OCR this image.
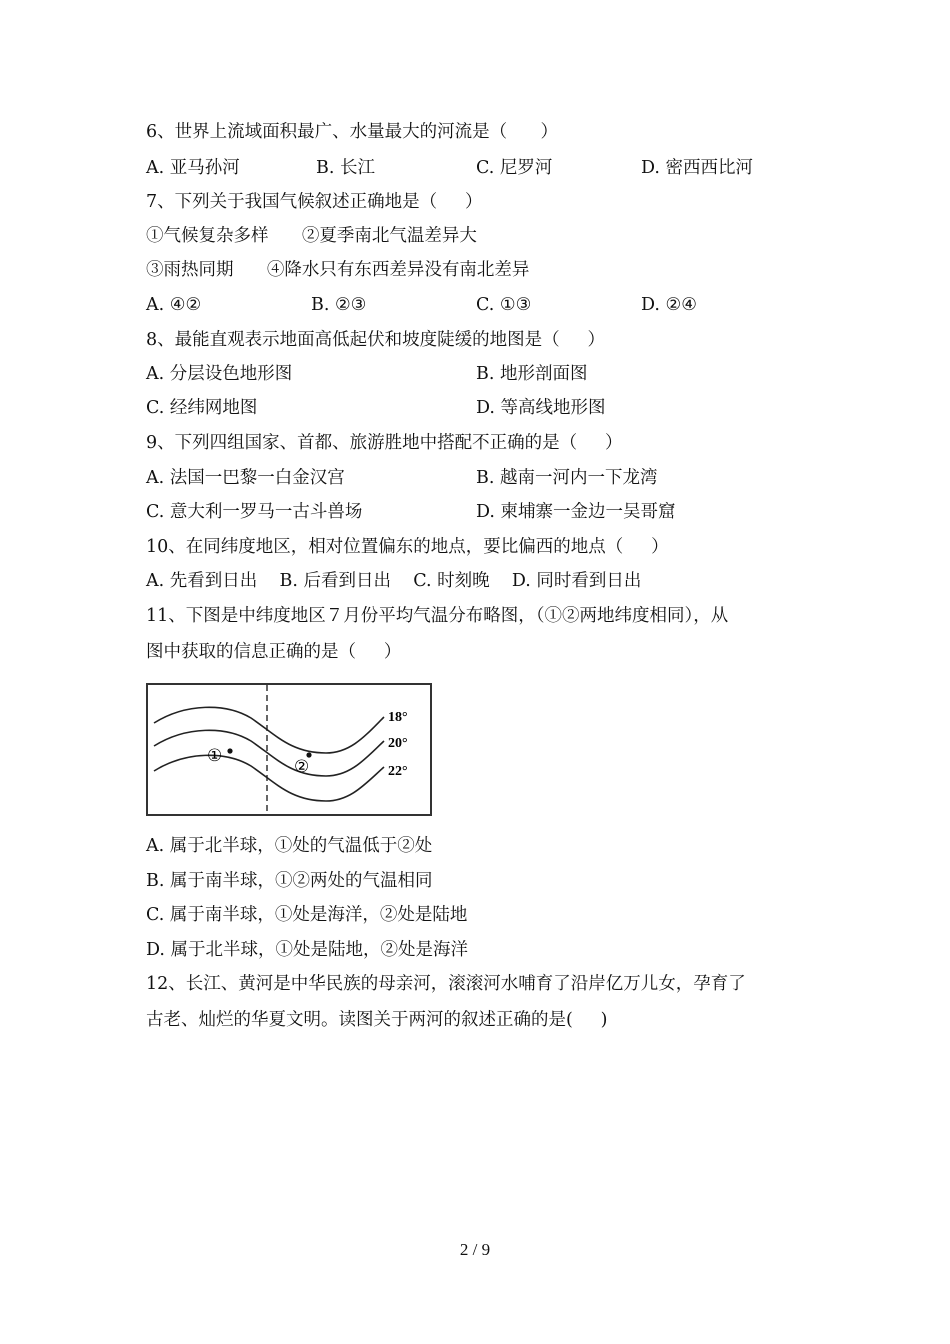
6、世界上流域面积最广、水量最大的河流是（      ）
A. 亚马孙河	B. 长江	C. 尼罗河	D. 密西西比河
7、下列关于我国气候叙述正确地是（     ）
①气候复杂多样      ②夏季南北气温差异大
③雨热同期      ④降水只有东西差异没有南北差异
A. ④②	B. ②③	C. ①③	D. ②④
8、最能直观表示地面高低起伏和坡度陡缓的地图是（     ）
A. 分层设色地形图	B. 地形剖面图
C. 经纬网地图	D. 等高线地形图
9、下列四组国家、首都、旅游胜地中搭配不正确的是（     ）
A. 法国一巴黎一白金汉宫	B. 越南一河内一下龙湾
C. 意大利一罗马一古斗兽场	D. 柬埔寨一金边一吴哥窟
10、在同纬度地区，相对位置偏东的地点，要比偏西的地点（     ）
A. 先看到日出    B. 后看到日出    C. 时刻晚    D. 同时看到日出
11、下图是中纬度地区７月份平均气温分布略图，（①②两地纬度相同），从
图中获取的信息正确的是（     ）
18°
20°
22°
①
②
A. 属于北半球，①处的气温低于②处
B. 属于南半球，①②两处的气温相同
C. 属于南半球，①处是海洋，②处是陆地
D. 属于北半球，①处是陆地，②处是海洋
12、长江、黄河是中华民族的母亲河，滚滚河水哺育了沿岸亿万儿女，孕育了
古老、灿烂的华夏文明。读图关于两河的叙述正确的是(     )
2 / 9
